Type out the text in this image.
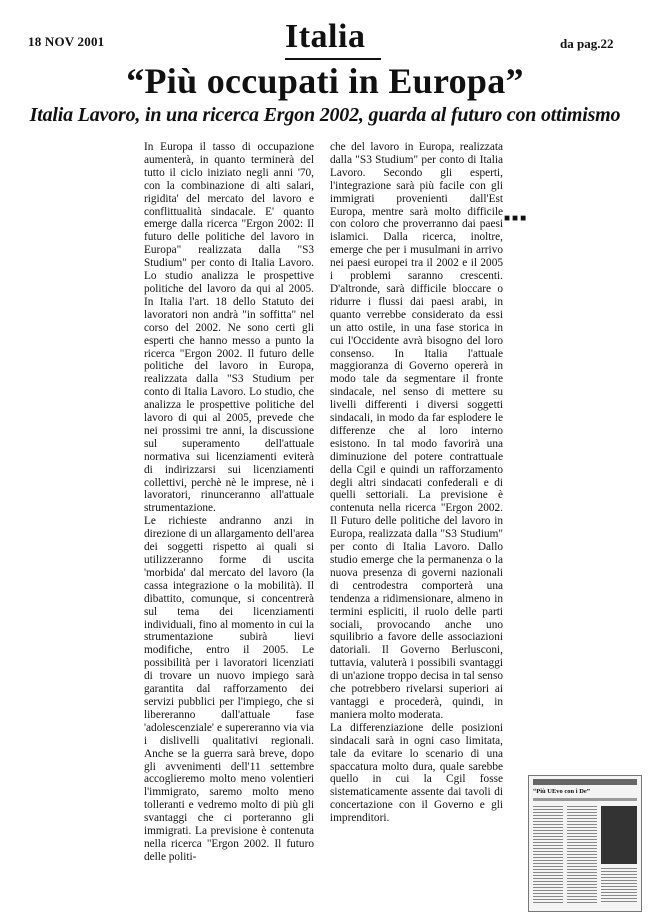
18 NOV 2001	Italia	da pag.22
“Più occupati in Europa”
Italia Lavoro, in una ricerca Ergon 2002, guarda al futuro con ottimismo

In Europa il tasso di occupazione aumenterà, in quanto terminerà del tutto il ciclo iniziato negli anni '70, con la combinazione di alti salari, rigidita' del mercato del lavoro e conflittualità sindacale. E' quanto emerge dalla ricerca "Ergon 2002: Il futuro delle politiche del lavoro in Europa" realizzata dalla "S3 Studium" per conto di Italia Lavoro. Lo studio analizza le prospettive politiche del lavoro da qui al 2005. In Italia l'art. 18 dello Statuto dei lavoratori non andrà "in soffitta" nel corso del 2002. Ne sono certi gli esperti che hanno messo a punto la ricerca "Ergon 2002. Il futuro delle politiche del lavoro in Europa, realizzata dalla "S3 Studium per conto di Italia Lavoro. Lo studio, che analizza le prospettive politiche del lavoro di qui al 2005, prevede che nei prossimi tre anni, la discussione sul superamento dell'attuale normativa sui licenziamenti eviterà di indirizzarsi sui licenziamenti collettivi, perchè nè le imprese, nè i lavoratori, rinunceranno all'attuale strumentazione.

Le richieste andranno anzi in direzione di un allargamento dell'area dei soggetti rispetto ai quali si utilizzeranno forme di uscita 'morbida' dal mercato del lavoro (la cassa integrazione o la mobilità). Il dibattito, comunque, si concentrerà sul tema dei licenziamenti individuali, fino al momento in cui la strumentazione subirà lievi modifiche, entro il 2005. Le possibilità per i lavoratori licenziati di trovare un nuovo impiego sarà garantita dal rafforzamento dei servizi pubblici per l'impiego, che si libereranno dall'attuale fase 'adolescenziale' e supereranno via via i dislivelli qualitativi regionali. Anche se la guerra sarà breve, dopo gli avvenimenti dell'11 settembre accoglieremo molto meno volentieri l'immigrato, saremo molto meno tolleranti e vedremo molto di più gli svantaggi che ci porteranno gli immigrati. La previsione è contenuta nella ricerca "Ergon 2002. Il futuro delle politi-

che del lavoro in Europa, realizzata dalla "S3 Studium" per conto di Italia Lavoro. Secondo gli esperti, l'integrazione sarà più facile con gli immigrati provenienti dall'Est Europa, mentre sarà molto difficile con coloro che proverranno dai paesi islamici. Dalla ricerca, inoltre, emerge che per i musulmani in arrivo nei paesi europei tra il 2002 e il 2005 i problemi saranno crescenti. D'altronde, sarà difficile bloccare o ridurre i flussi dai paesi arabi, in quanto verrebbe considerato da essi un atto ostile, in una fase storica in cui l'Occidente avrà bisogno del loro consenso. In Italia l'attuale maggioranza di Governo opererà in modo tale da segmentare il fronte sindacale, nel senso di mettere su livelli differenti i diversi soggetti sindacali, in modo da far esplodere le differenze che al loro interno esistono. In tal modo favorirà una diminuzione del potere contrattuale della Cgil e quindi un rafforzamento degli altri sindacati confederali e di quelli settoriali. La previsione è contenuta nella ricerca "Ergon 2002. Il Futuro delle politiche del lavoro in Europa, realizzata dalla "S3 Studium" per conto di Italia Lavoro. Dallo studio emerge che la permanenza o la nuova presenza di governi nazionali di centrodestra comporterà una tendenza a ridimensionare, almeno in termini espliciti, il ruolo delle parti sociali, provocando anche uno squilibrio a favore delle associazioni datoriali. Il Governo Berlusconi, tuttavia, valuterà i possibili svantaggi di un'azione troppo decisa in tal senso che potrebbero rivelarsi superiori ai vantaggi e procederà, quindi, in maniera molto moderata.

La differenziazione delle posizioni sindacali sarà in ogni caso limitata, tale da evitare lo scenario di una spaccatura molto dura, quale sarebbe quello in cui la Cgil fosse sistematicamente assente dai tavoli di concertazione con il Governo e gli imprenditori.

■■■
“Più UEvo con i De”
